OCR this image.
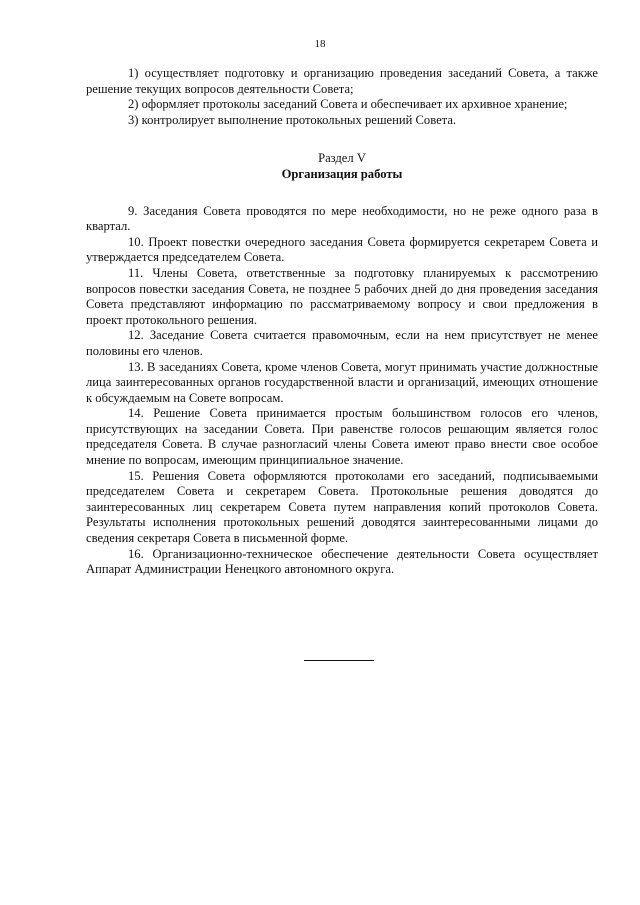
18

1) осуществляет подготовку и организацию проведения заседаний Совета, а также решение текущих вопросов деятельности Совета;

2) оформляет протоколы заседаний Совета и обеспечивает их архивное хранение;

3) контролирует выполнение протокольных решений Совета.

Раздел V
Организация работы

9. Заседания Совета проводятся по мере необходимости, но не реже одного раза в квартал.

10. Проект повестки очередного заседания Совета формируется секретарем Совета и утверждается председателем Совета.

11. Члены Совета, ответственные за подготовку планируемых к рассмотрению вопросов повестки заседания Совета, не позднее 5 рабочих дней до дня проведения заседания Совета представляют информацию по рассматриваемому вопросу и свои предложения в проект протокольного решения.

12. Заседание Совета считается правомочным, если на нем присутствует не менее половины его членов.

13. В заседаниях Совета, кроме членов Совета, могут принимать участие должностные лица заинтересованных органов государственной власти и организаций, имеющих отношение к обсуждаемым на Совете вопросам.

14. Решение Совета принимается простым большинством голосов его членов, присутствующих на заседании Совета. При равенстве голосов решающим является голос председателя Совета. В случае разногласий члены Совета имеют право внести свое особое мнение по вопросам, имеющим принципиальное значение.

15. Решения Совета оформляются протоколами его заседаний, подписываемыми председателем Совета и секретарем Совета. Протокольные решения доводятся до заинтересованных лиц секретарем Совета путем направления копий протоколов Совета. Результаты исполнения протокольных решений доводятся заинтересованными лицами до сведения секретаря Совета в письменной форме.

16. Организационно-техническое обеспечение деятельности Совета осуществляет Аппарат Администрации Ненецкого автономного округа.
